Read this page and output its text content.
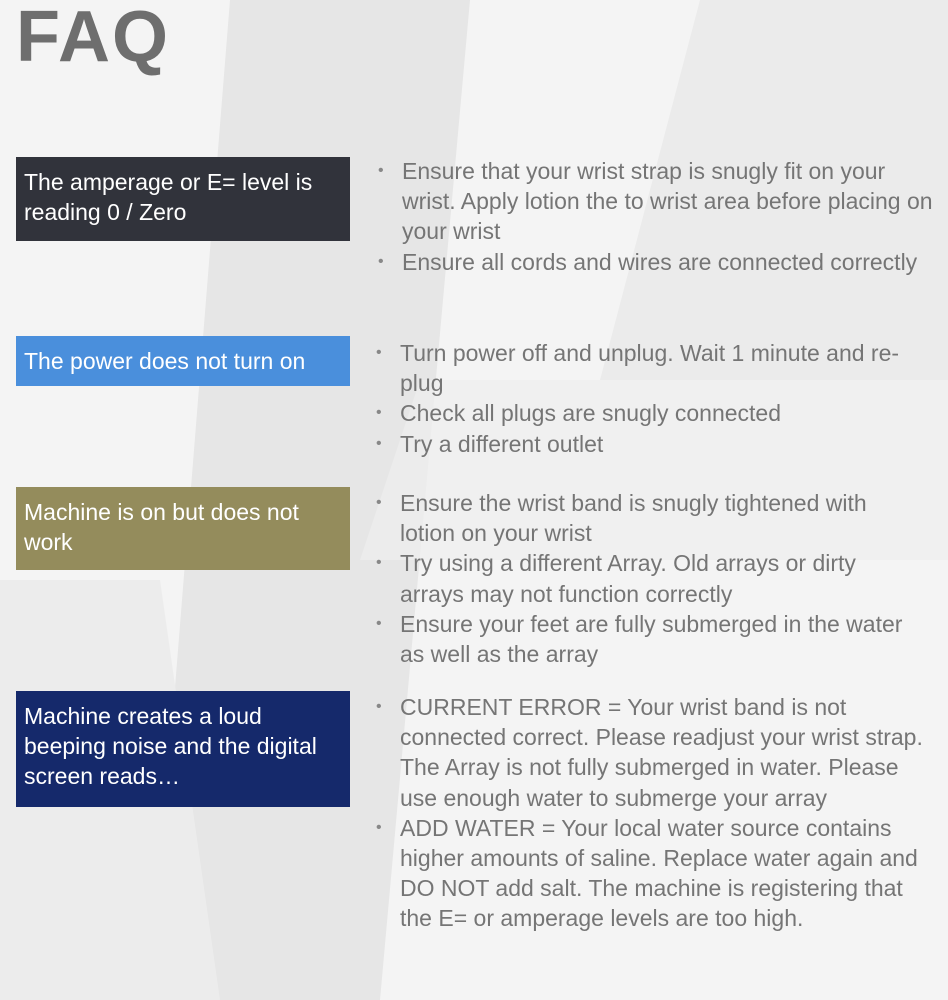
FAQ
The amperage or E= level is reading 0 / Zero
• Ensure that your wrist strap is snugly fit on your wrist. Apply lotion the to wrist area before placing on your wrist
• Ensure all cords and wires are connected correctly
The power does not turn on
•	Turn power off and unplug. Wait 1 minute and re-plug
• Check all plugs are snugly connected
• Try a different outlet
Machine is on but does not work
• Ensure the wrist band is snugly tightened with lotion on your wrist
• Try using a different Array. Old arrays or dirty arrays may not function correctly
• Ensure your feet are fully submerged in the water as well as the array
Machine creates a loud beeping noise and the digital screen reads…
• CURRENT ERROR = Your wrist band is not connected correct. Please readjust your wrist strap. The Array is not fully submerged in water. Please use enough water to submerge your array
• ADD WATER = Your local water source contains higher amounts of saline. Replace water again and DO NOT add salt. The machine is registering that the E= or amperage levels are too high.
